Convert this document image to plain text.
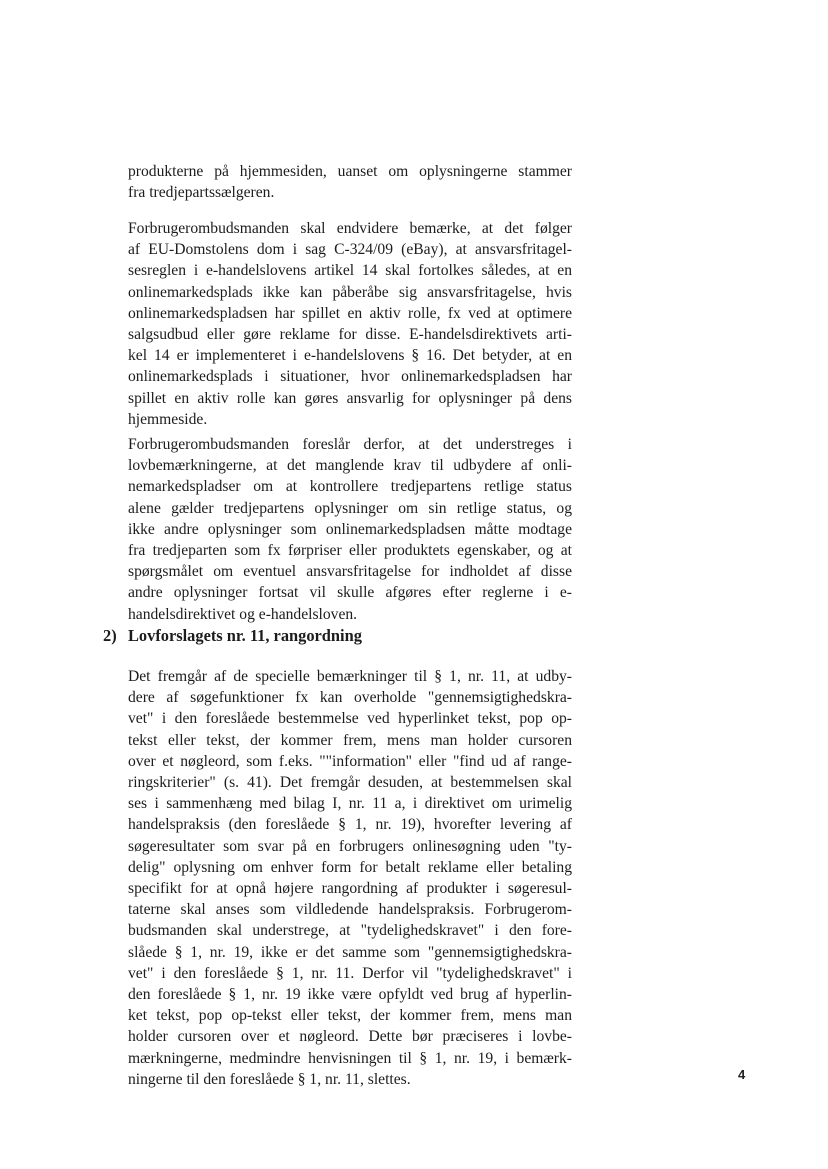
produkterne på hjemmesiden, uanset om oplysningerne stammer
fra tredjepartssælgeren.
Forbrugerombudsmanden skal endvidere bemærke, at det følger
af EU-Domstolens dom i sag C-324/09 (eBay), at ansvarsfritagel-
sesreglen i e-handelslovens artikel 14 skal fortolkes således, at en
onlinemarkedsplads ikke kan påberåbe sig ansvarsfritagelse, hvis
onlinemarkedspladsen har spillet en aktiv rolle, fx ved at optimere
salgsudbud eller gøre reklame for disse. E-handelsdirektivets arti-
kel 14 er implementeret i e-handelslovens § 16. Det betyder, at en
onlinemarkedsplads i situationer, hvor onlinemarkedspladsen har
spillet en aktiv rolle kan gøres ansvarlig for oplysninger på dens
hjemmeside.
Forbrugerombudsmanden foreslår derfor, at det understreges i
lovbemærkningerne, at det manglende krav til udbydere af onli-
nemarkedspladser om at kontrollere tredjepartens retlige status
alene gælder tredjepartens oplysninger om sin retlige status, og
ikke andre oplysninger som onlinemarkedspladsen måtte modtage
fra tredjeparten som fx førpriser eller produktets egenskaber, og at
spørgsmålet om eventuel ansvarsfritagelse for indholdet af disse
andre oplysninger fortsat vil skulle afgøres efter reglerne i e-
handelsdirektivet og e-handelsloven.
2) Lovforslagets nr. 11, rangordning
Det fremgår af de specielle bemærkninger til § 1, nr. 11, at udby-
dere af søgefunktioner fx kan overholde "gennemsigtighedskra-
vet" i den foreslåede bestemmelse ved hyperlinket tekst, pop op-
tekst eller tekst, der kommer frem, mens man holder cursoren
over et nøgleord, som f.eks. ""information" eller "find ud af range-
ringskriterier" (s. 41). Det fremgår desuden, at bestemmelsen skal
ses i sammenhæng med bilag I, nr. 11 a, i direktivet om urimelig
handelspraksis (den foreslåede § 1, nr. 19), hvorefter levering af
søgeresultater som svar på en forbrugers onlinesøgning uden "ty-
delig" oplysning om enhver form for betalt reklame eller betaling
specifikt for at opnå højere rangordning af produkter i søgeresul-
taterne skal anses som vildledende handelspraksis. Forbrugerom-
budsmanden skal understrege, at "tydelighedskravet" i den fore-
slåede § 1, nr. 19, ikke er det samme som "gennemsigtighedskra-
vet" i den foreslåede § 1, nr. 11. Derfor vil "tydelighedskravet" i
den foreslåede § 1, nr. 19 ikke være opfyldt ved brug af hyperlin-
ket tekst, pop op-tekst eller tekst, der kommer frem, mens man
holder cursoren over et nøgleord. Dette bør præciseres i lovbe-
mærkningerne, medmindre henvisningen til § 1, nr. 19, i bemærk-
ningerne til den foreslåede § 1, nr. 11, slettes.	4
